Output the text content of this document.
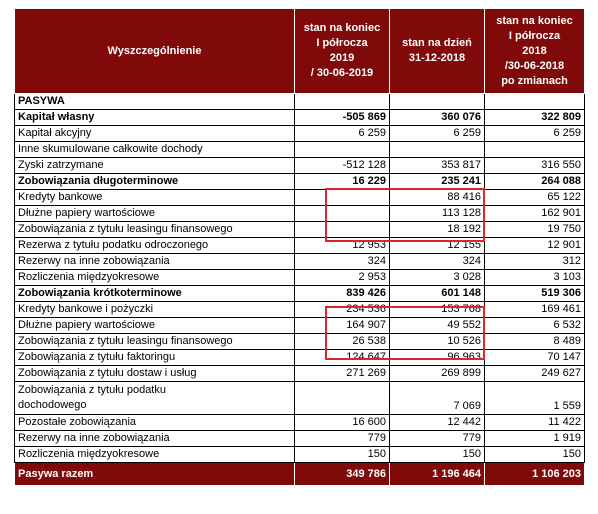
Wyszczególnienie	stan na koniec
I półrocza
2019
/ 30-06-2019	stan na dzień
31-12-2018	stan na koniec
I półrocza
2018
/30-06-2018
po zmianach
PASYWA			
Kapitał własny	-505 869	360 076	322 809
Kapitał akcyjny	6 259	6 259	6 259
Inne skumulowane całkowite dochody			
Zyski zatrzymane	-512 128	353 817	316 550
Zobowiązania długoterminowe	16 229	235 241	264 088
Kredyty bankowe		88 416	65 122
Dłużne papiery wartościowe		113 128	162 901
Zobowiązania z tytułu leasingu finansowego		18 192	19 750
Rezerwa z tytułu podatku odroczonego	12 953	12 155	12 901
Rezerwy na inne zobowiązania	324	324	312
Rozliczenia międzyokresowe	2 953	3 028	3 103
Zobowiązania krótkoterminowe	839 426	601 148	519 306
Kredyty bankowe i pożyczki	234 536	153 768	169 461
Dłużne papiery wartościowe	164 907	49 552	6 532
Zobowiązania z tytułu leasingu finansowego	26 538	10 526	8 489
Zobowiązania z tytułu faktoringu	124 647	96 963	70 147
Zobowiązania z tytułu dostaw i usług	271 269	269 899	249 627
Zobowiązania z tytułu podatku
dochodowego		7 069	1 559
Pozostałe zobowiązania	16 600	12 442	11 422
Rezerwy na inne zobowiązania	779	779	1 919
Rozliczenia międzyokresowe	150	150	150
Pasywa razem	349 786	1 196 464	1 106 203
